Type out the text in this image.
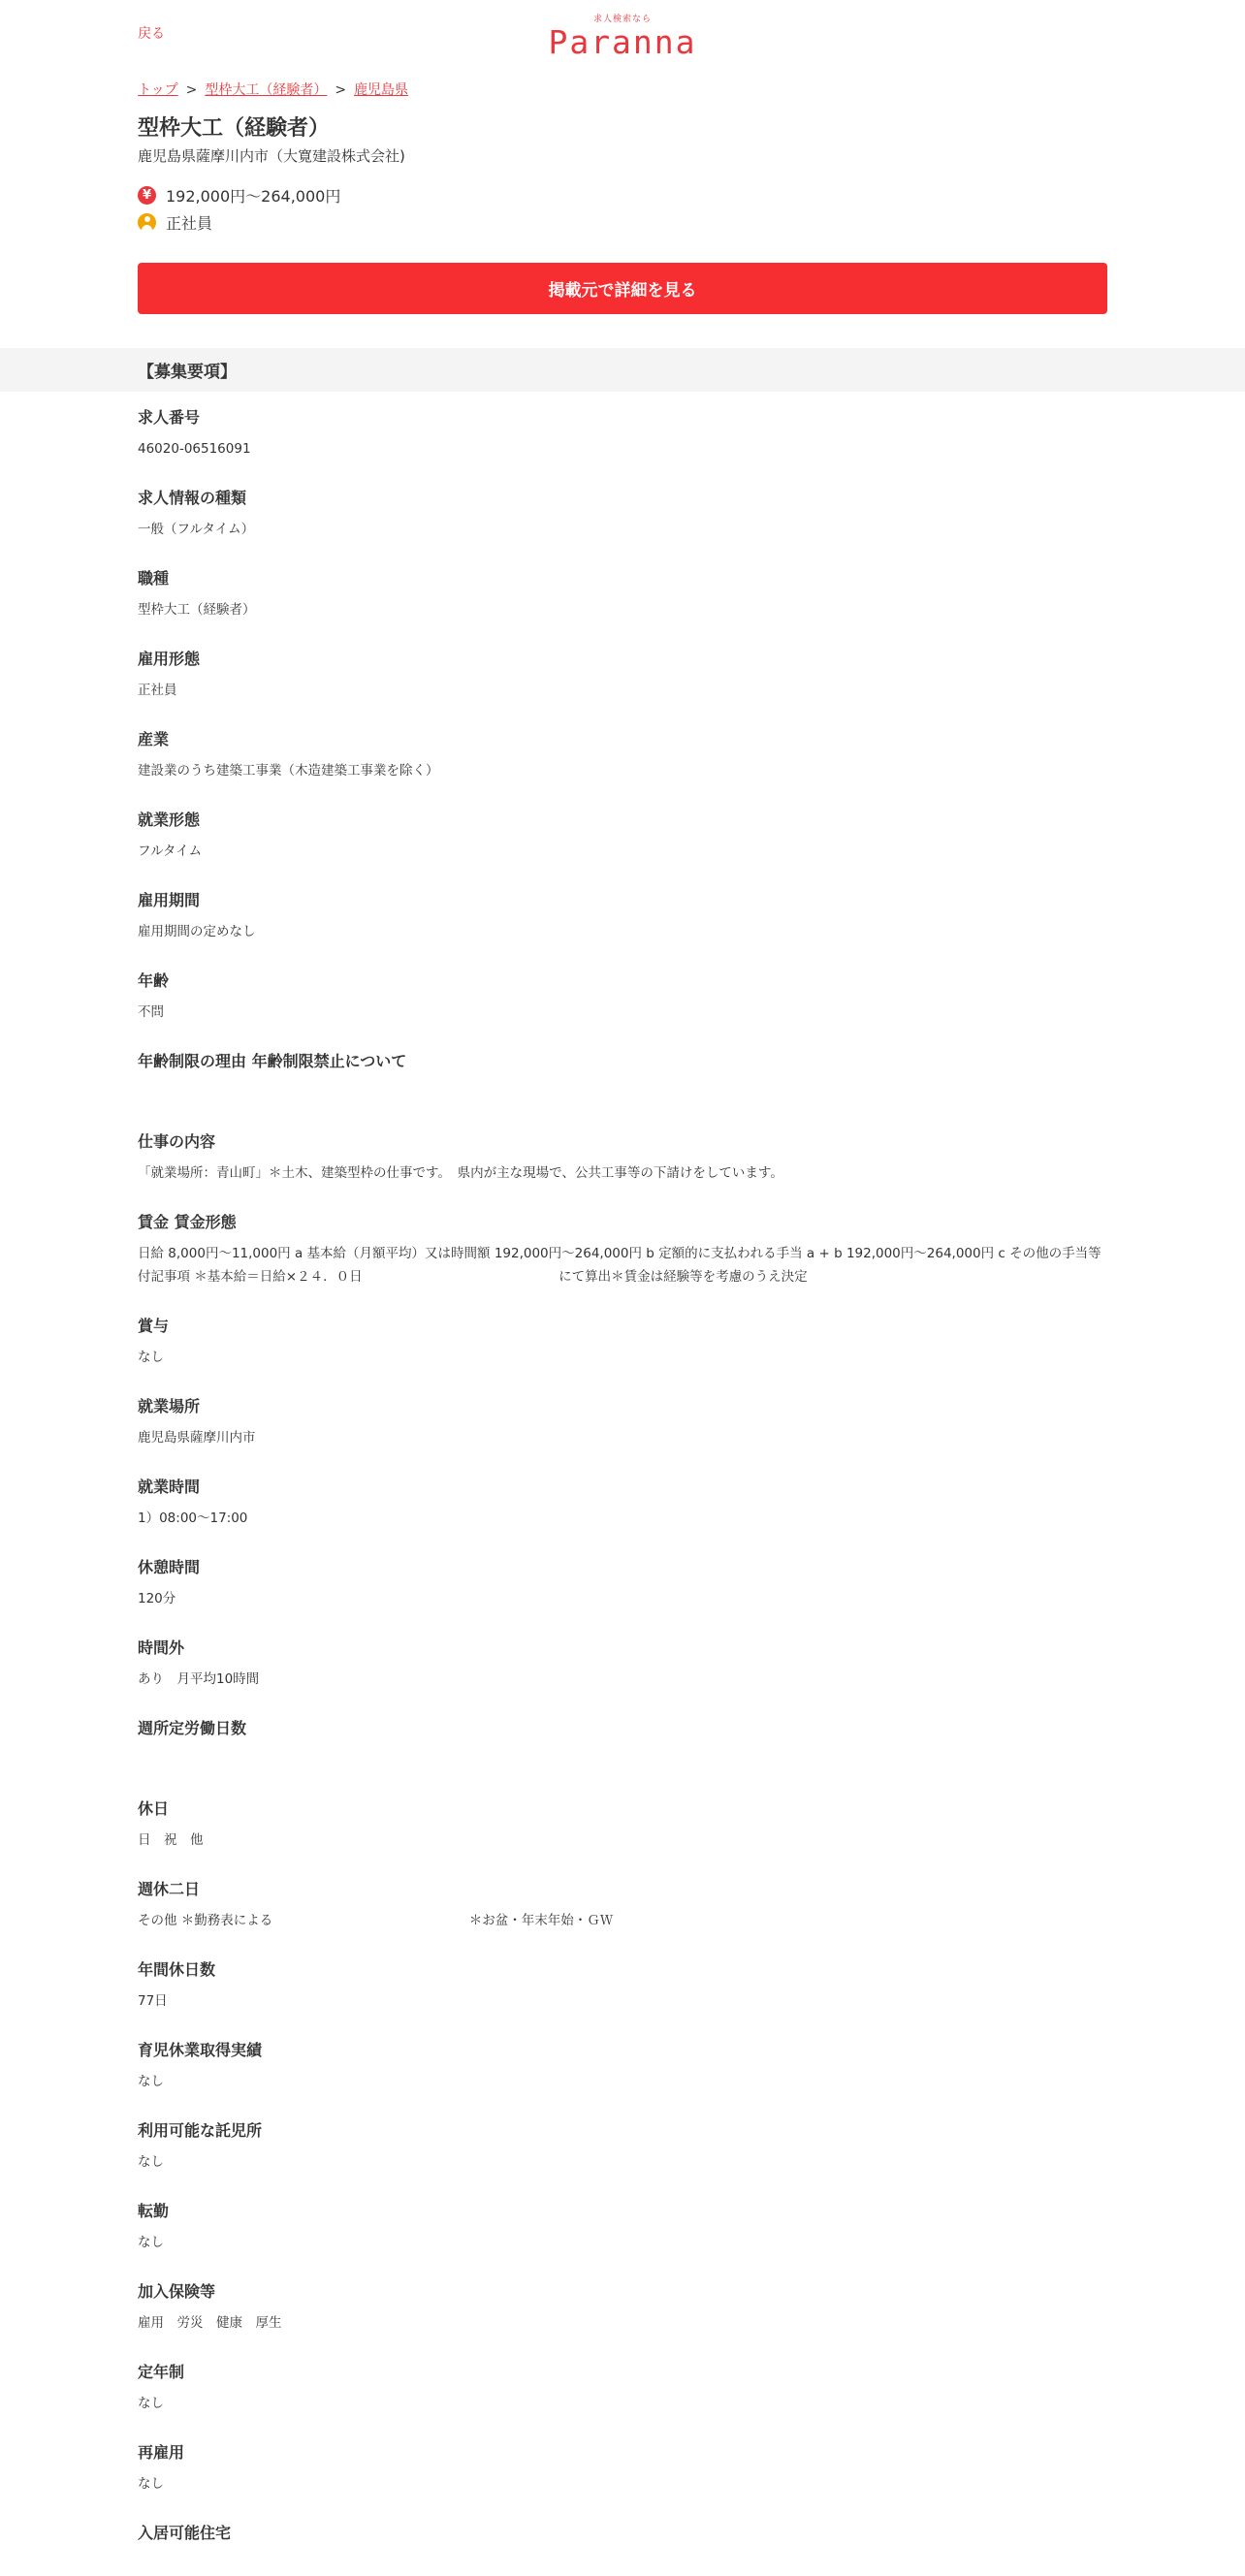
戻る
求人検索なら
Paranna
トップ > 型枠大工（経験者） > 鹿児島県
型枠大工（経験者）
鹿児島県薩摩川内市（大寛建設株式会社)
¥ 192,000円～264,000円
正社員
掲載元で詳細を見る
【募集要項】
求人番号
46020-06516091
求人情報の種類
一般（フルタイム）
職種
型枠大工（経験者）
雇用形態
正社員
産業
建設業のうち建築工事業（木造建築工事業を除く）
就業形態
フルタイム
雇用期間
雇用期間の定めなし
年齢
不問
年齢制限の理由 年齢制限禁止について
仕事の内容
「就業場所：青山町」＊土木、建築型枠の仕事です。　県内が主な現場で、公共工事等の下請けをしています。
賃金 賃金形態
日給 8,000円～11,000円 a 基本給（月額平均）又は時間額 192,000円～264,000円 b 定額的に支払われる手当 a + b 192,000円～264,000円 c その他の手当等付記事項 ＊基本給＝日給×２４．０日　　　　　　　　　　　　　　　にて算出＊賃金は経験等を考慮のうえ決定
賞与
なし
就業場所
鹿児島県薩摩川内市
就業時間
1）08:00～17:00
休憩時間
120分
時間外
あり　月平均10時間
週所定労働日数
休日
日　祝　他
週休二日
その他 ＊勤務表による　　　　　　　　　　　　　　　＊お盆・年末年始・ＧＷ
年間休日数
77日
育児休業取得実績
なし
利用可能な託児所
なし
転勤
なし
加入保険等
雇用　労災　健康　厚生
定年制
なし
再雇用
なし
入居可能住宅
